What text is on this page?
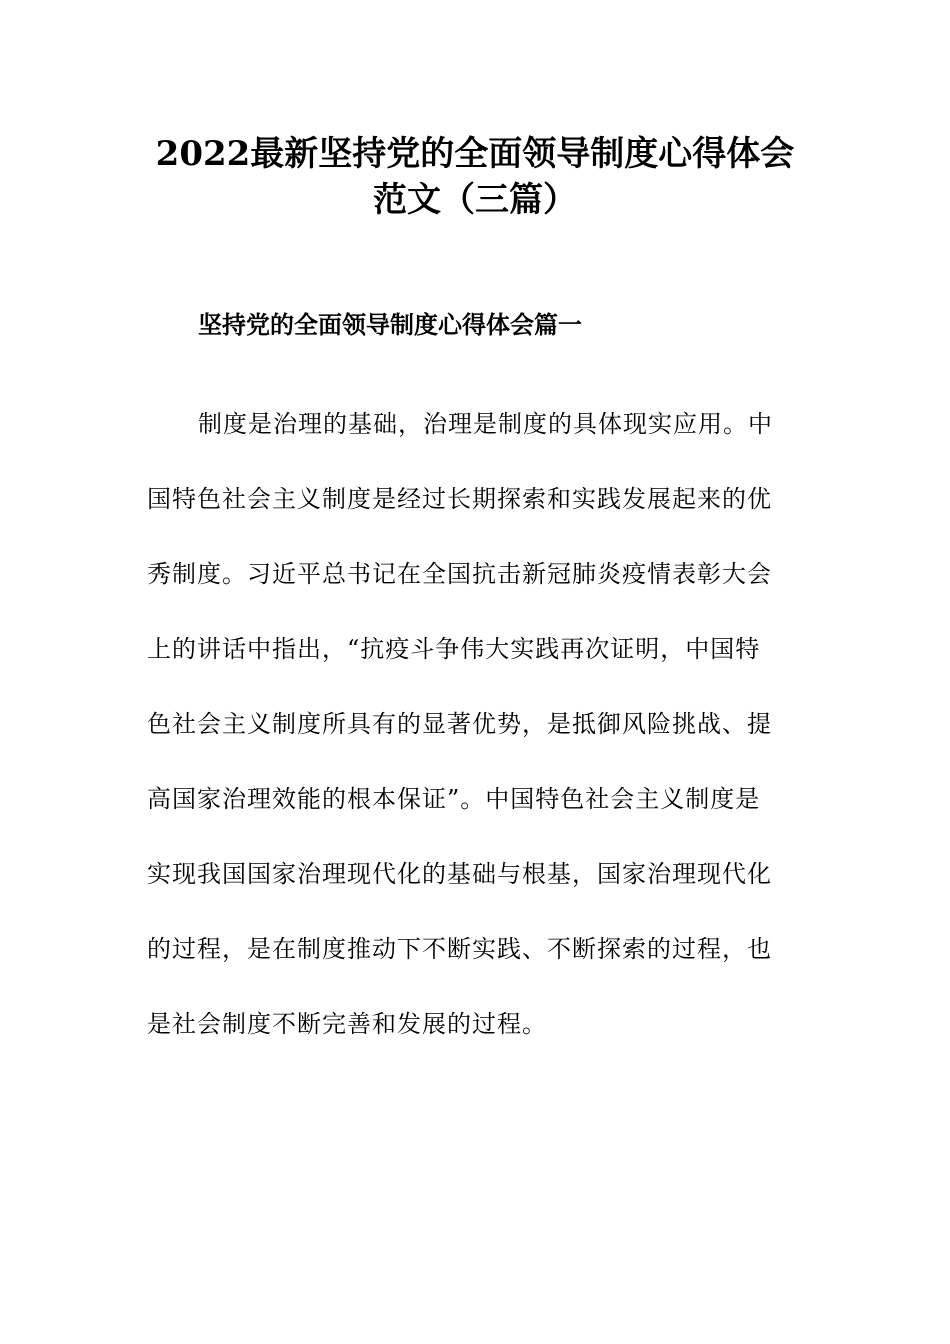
2022最新坚持党的全面领导制度心得体会
范文（三篇）
坚持党的全面领导制度心得体会篇一
制度是治理的基础，治理是制度的具体现实应用。中
国特色社会主义制度是经过长期探索和实践发展起来的优
秀制度。习近平总书记在全国抗击新冠肺炎疫情表彰大会
上的讲话中指出，“抗疫斗争伟大实践再次证明，中国特
色社会主义制度所具有的显著优势，是抵御风险挑战、提
高国家治理效能的根本保证”。中国特色社会主义制度是
实现我国国家治理现代化的基础与根基，国家治理现代化
的过程，是在制度推动下不断实践、不断探索的过程，也
是社会制度不断完善和发展的过程。
